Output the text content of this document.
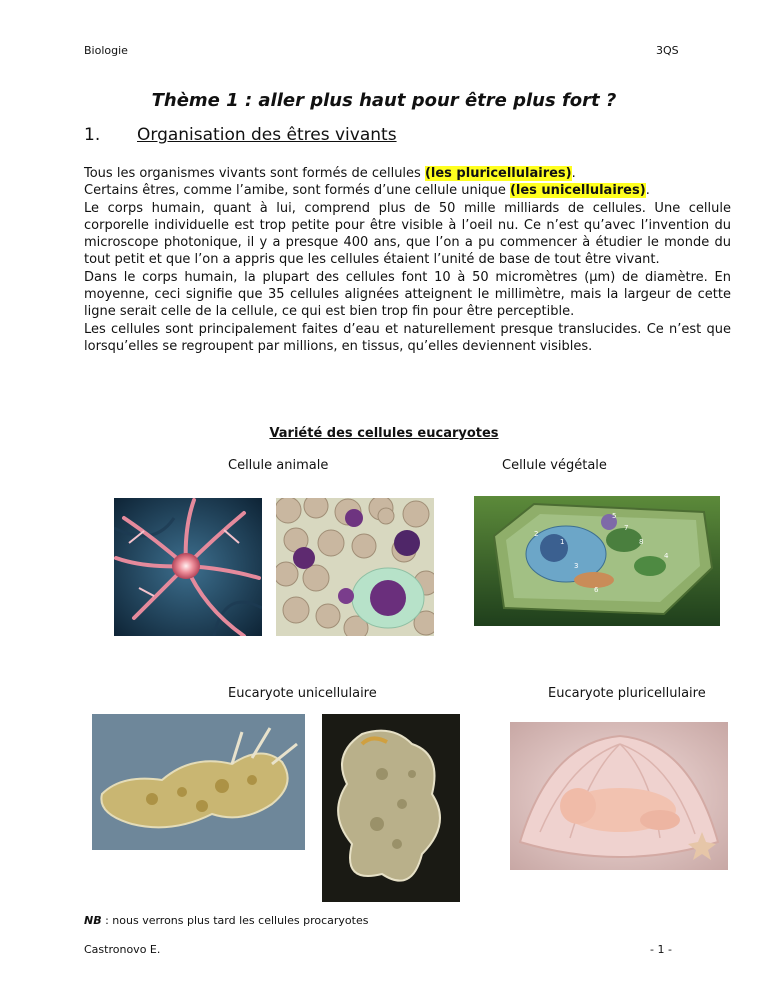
Biologie	3QS
Thème 1 : aller plus haut pour être plus fort ?
1. Organisation des êtres vivants

Tous les organismes vivants sont formés de cellules (les pluricellulaires).

Certains êtres, comme l’amibe, sont formés d’une cellule unique (les unicellulaires).

Le corps humain, quant à lui, comprend plus de 50 mille milliards de cellules. Une cellule corporelle individuelle est trop petite pour être visible à l’oeil nu. Ce n’est qu’avec l’invention du microscope photonique, il y a presque 400 ans, que l’on a pu commencer à étudier le monde du tout petit et que l’on a appris que les cellules étaient l’unité de base de tout être vivant.

Dans le corps humain, la plupart des cellules font 10 à 50 micromètres (µm) de diamètre. En moyenne, ceci signifie que 35 cellules alignées atteignent le millimètre, mais la largeur de cette ligne serait celle de la cellule, ce qui est bien trop fin pour être perceptible.

Les cellules sont principalement faites d’eau et naturellement presque translucides. Ce n’est que lorsqu’elles se regroupent par millions, en tissus, qu’elles deviennent visibles.

Variété des cellules eucaryotes
Cellule animale	Cellule végétale
1
2
3
4
5
6
7
8
Eucaryote unicellulaire	Eucaryote pluricellulaire
NB : nous verrons plus tard les cellules procaryotes
Castronovo E.	- 1 -
